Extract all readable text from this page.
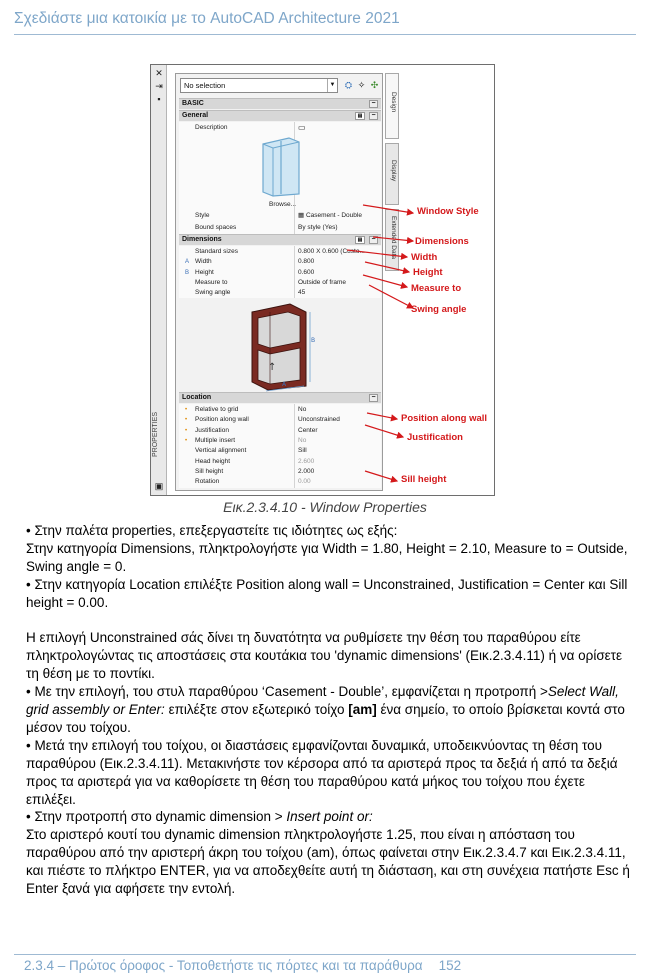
Σχεδιάστε μια κατοικία με το AutoCAD Architecture 2021
✕
⇥
▪
PROPERTIES
▣
No selection	▼ ⛭ ✧ ✣
BASIC	−
General	▤	−
Description	▭
Browse...
Style	▦ Casement - Double
Bound spaces	By style (Yes)
Dimensions	▤	−
Standard sizes	0.800 X 0.600 (Custo...
A Width	0.800
B Height	0.600
Measure to	Outside of frame
Swing angle	45
↑
B
A
Location	−
• Relative to grid	No
• Position along wall	Unconstrained
• Justification	Center
• Multiple insert	No
Vertical alignment	Sill
Head height	2.600
Sill height	2.000
Rotation	0.00
Design
Display
Extended Data
Window Style
Dimensions
Width
Height
Measure to
Swing angle
Position along wall
Justification
Sill height
Εικ.2.3.4.10 - Window Properties
• Στην παλέτα properties, επεξεργαστείτε τις ιδιότητες ως εξής:
Στην κατηγορία Dimensions, πληκτρολογήστε για Width = 1.80, Height = 2.10, Measure to = Outside, Swing angle = 0.
• Στην κατηγορία Location επιλέξτε Position along wall = Unconstrained, Justification = Center και Sill height = 0.00.
Η επιλογή Unconstrained σάς δίνει τη δυνατότητα να ρυθμίσετε την θέση του παραθύρου είτε πληκτρολογώντας τις αποστάσεις στα κουτάκια του 'dynamic dimensions' (Εικ.2.3.4.11) ή να ορίσετε τη θέση με το ποντίκι.
• Με την επιλογή, του στυλ παραθύρου ‘Casement - Double’, εμφανίζεται η προτροπή >Select Wall, grid assembly or Enter: επιλέξτε στον εξωτερικό τοίχο [am] ένα σημείο, το οποίο βρίσκεται κοντά στο μέσον του τοίχου.
• Μετά την επιλογή του τοίχου, οι διαστάσεις εμφανίζονται δυναμικά, υποδεικνύοντας τη θέση του παραθύρου (Εικ.2.3.4.11). Μετακινήστε τον κέρσορα από τα αριστερά προς τα δεξιά ή από τα δεξιά προς τα αριστερά για να καθορίσετε τη θέση του παραθύρου κατά μήκος του τοίχου που έχετε επιλέξει.
• Στην προτροπή στο dynamic dimension > Insert point or:
Στο αριστερό κουτί του dynamic dimension πληκτρολογήστε 1.25, που είναι η απόσταση του παραθύρου από την αριστερή άκρη του τοίχου (am), όπως φαίνεται στην Εικ.2.3.4.7 και Εικ.2.3.4.11, και πιέστε το πλήκτρο ENTER, για να αποδεχθείτε αυτή τη διάσταση, και στη συνέχεια πατήστε Esc ή Enter ξανά για αφήσετε την εντολή.
2.3.4 – Πρώτος όροφος - Τοποθετήστε τις πόρτες και τα παράθυρα 152
